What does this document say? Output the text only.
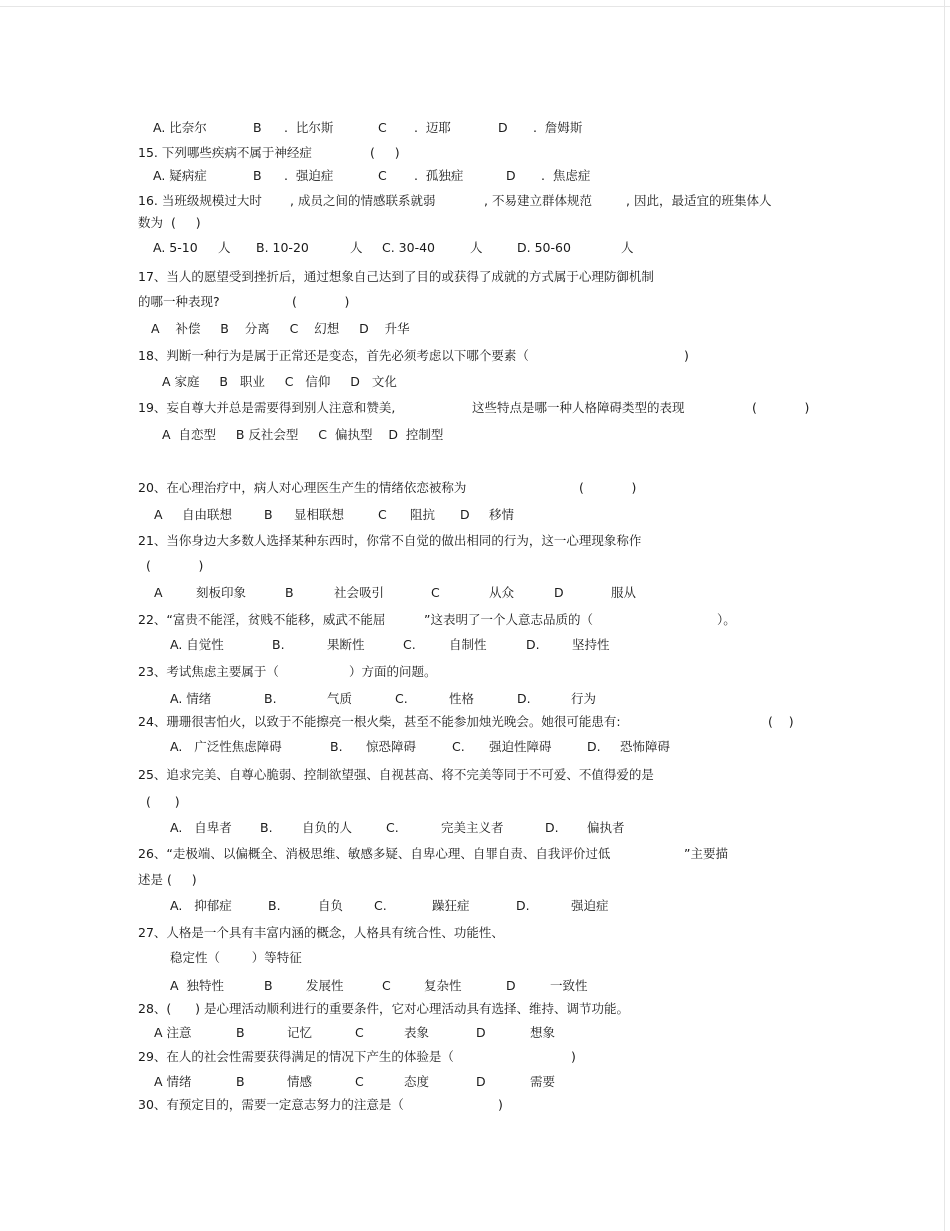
A. 比奈尔	B .  比尔斯	C .  迈耶	D .  詹姆斯
15. 下列哪些疾病不属于神经症	(     )
A. 疑病症	B .  强迫症	C .  孤独症	D .  焦虑症
16. 当班级规模过大时 , 成员之间的情感联系就弱	, 不易建立群体规范	, 因此，最适宜的班集体人
数为  (     )
A. 5-10 人 B. 10-20	人 C. 30-40	人	D. 50-60	人
17、当人的愿望受到挫折后，通过想象自己达到了目的或获得了成就的方式属于心理防御机制
的哪一种表现?	(            )
A    补偿     B    分离     C    幻想     D    升华
18、判断一种行为是属于正常还是变态，首先必须考虑以下哪个要素（	)
A 家庭     B   职业     C   信仰     D   文化
19、妄自尊大并总是需要得到别人注意和赞美,	这些特点是哪一种人格障碍类型的表现	(            )
A  自恋型     B 反社会型     C  偏执型    D  控制型
20、在心理治疗中，病人对心理医生产生的情绪依恋被称为	(            )
A 自由联想	B 显相联想	C 阻抗 D 移情
21、当你身边大多数人选择某种东西时，你常不自觉的做出相同的行为，这一心理现象称作
(            )
A	刻板印象	B	社会吸引	C	从众	D	服从
22、“富贵不能淫，贫贱不能移，威武不能屈	”这表明了一个人意志品质的（	）。
A. 自觉性	B.	果断性	C.	自制性	D.	坚持性
23、考试焦虑主要属于（	）方面的问题。
A. 情绪	B.	气质	C.	性格	D.	行为
24、珊珊很害怕火，以致于不能擦亮一根火柴，甚至不能参加烛光晚会。她很可能患有:	(    )
A.   广泛性焦虑障碍	B. 惊恐障碍	C. 强迫性障碍	D. 恐怖障碍
25、追求完美、自尊心脆弱、控制欲望强、自视甚高、将不完美等同于不可爱、不值得爱的是
(      )
A.   自卑者 B. 自负的人	C.	完美主义者	D. 偏执者
26、“走极端、以偏概全、消极思维、敏感多疑、自卑心理、自罪自责、自我评价过低	”主要描
述是 (     )
A.   抑郁症	B.	自负 C.	躁狂症	D.	强迫症
27、人格是一个具有丰富内涵的概念，人格具有统合性、功能性、
稳定性（        ）等特征
A  独特性	B	发展性	C	复杂性	D	一致性
28、(      ) 是心理活动顺利进行的重要条件，它对心理活动具有选择、维持、调节功能。
A 注意	B	记忆	C	表象	D	想象
29、在人的社会性需要获得满足的情况下产生的体验是（	)
A 情绪	B	情感	C	态度	D	需要
30、有预定目的，需要一定意志努力的注意是（	)
